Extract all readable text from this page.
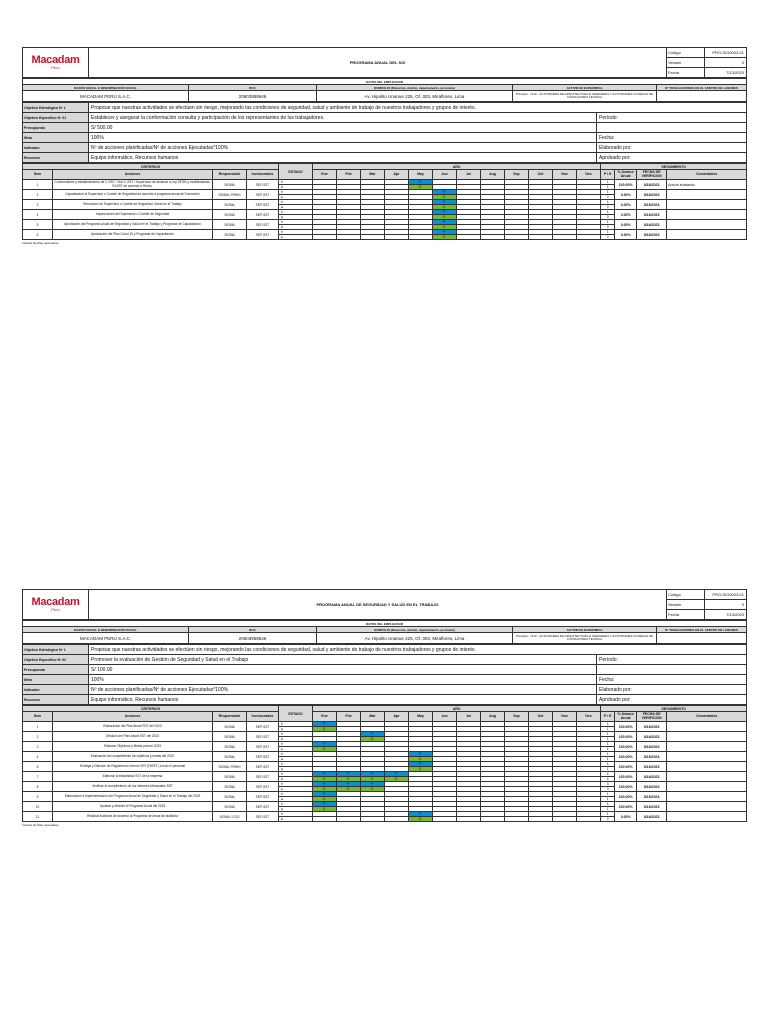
Macadam
Perú	PROGRAMA ANUAL DEL SGI	Código	PRO-SIG0002-01
		Versión	0
		Fecha	7/13/2023
DATOS DEL EMPLEADOR				
RAZÓN SOCIAL O DENOMINACIÓN SOCIAL	RUC	DOMICILIO (Dirección, distrito, departamento, provincia)	ACTIVIDAD ECONÓMICA	Nº TRABAJADORES EN EL CENTRO DE LABORES
MACADAM PERÚ S.A.C.	20603958646	Av. Hipolito Unanue 225, Of. 303, Miraflores, Lima	Principal - 7110 - ACTIVIDADES DE ARQUITECTURA E INGENIERIA Y ACTIVIDADES CONEXAS DE CONSULTORIA TECNICA	
Objetivo Estratégico Nº 1	Propiciar que nuestras actividades se efectúen sin riesgo, mejorando las condiciones de seguridad, salud y ambiente de trabajo de nuestros trabajadores y grupos de interés.	
Objetivo Específico Nº 01	Establecer y asegurar la conformación consulta y participación de los representantes de los trabajadores.	Período:
Presupuesto	S/ 500.00	
Meta	100%	Fecha:
Indicador	Nº de acciones planificadas/Nº de acciones Ejecutadas*100%	Elaborado por:
Recursos	Equipo informático, Recursos humanos	Aprobado por:
CRITERIOS				ESTADO	AÑO												SEGUIMIENTO			
Ítem	Acciones	Responsable	Involucrados		Ene	Feb	Mar	Apr	May	Jun	Jul	Aug	Sep	Oct	Nov	Dec	P / E	% Avance Anual	FECHA DE VERIFICION	Comentarios
1	Conformación y establecimiento de C-SST / Sub C-SST / Supervisor de acuerdo a Ley 29783 y modificatorias. RLSST de acuerdo a Rubro.	SIGMA	SEP-SST	P					P								1	100.00%	8/16/2023	Acta de instalación
				E					E								1			
2	Capacitación al Supervisor o Comité de Seguridad de acuerdo a programa anual de Formación	SIGMA / RRHH	SEP-SST	P						P							1	0.00%	8/16/2023	
				E						E							0			
3	Reuniones de Supervisor o Comité de Seguridad, Salud en el Trabajo	SIGMA	SEP-SST	P						P							1	0.00%	8/16/2023	
				E						E							0			
4	Inspecciones del Supervisor o Comité de Seguridad	SIGMA	SEP-SST	P						P							1	0.00%	8/16/2023	
				E						E							0			
5	Aprobación del Programa Anual de Seguridad y Salud en el Trabajo y Programa de Capacitacion	SIGMA	SEP-SST	P						P							1	0.00%	8/16/2023	
				E						E							0			
6	Aprobación del Plan Covid 19 y Programa de Capacitación	SIGMA	SEP-SST	P						P							1	0.00%	8/16/2023	
				E						E							0			
Insertar las filas necesarias
Macadam
Perú	PROGRAMA ANUAL DE SEGURIDAD Y SALUD EN EL TRABAJO	Código	PRO-SIG0003-01
		Versión	0
		Fecha	7/13/2023
DATOS DEL EMPLEADOR				
RAZÓN SOCIAL O DENOMINACIÓN SOCIAL	RUC	DOMICILIO (Dirección, distrito, departamento, provincia)	ACTIVIDAD ECONÓMICA	Nº TRABAJADORES EN EL CENTRO DE LABORES
MACADAM PERÚ S.A.C.	20603958646	Av. Hipolito Unanue 225, Of. 303, Miraflores, Lima	Principal - 7110 - ACTIVIDADES DE ARQUITECTURA E INGENIERIA Y ACTIVIDADES CONEXAS DE CONSULTORIA TECNICA	
Objetivo Estratégico Nº 1	Propiciar que nuestras actividades se efectúen sin riesgo, mejorando las condiciones de seguridad, salud y ambiente de trabajo de nuestros trabajadores y grupos de interés.	
Objetivo Específico Nº 02	Promover la evaluación de Gestión de Seguridad y Salud en el Trabajo	Período:
Presupuesto	S/ 100.00	
Meta	100%	Fecha:
Indicador	Nº de acciones planificadas/Nº de acciones Ejecutadas*100%	Elaborado por:
Recursos	Equipo informático, Recursos humanos	Aprobado por:
CRITERIOS				ESTADO	AÑO												SEGUIMIENTO			
Ítem	Acciones	Responsable	Involucrados		Ene	Feb	Mar	Apr	May	Jun	Jul	Aug	Sep	Oct	Nov	Dec	P / E	% Avance Anual	FECHA DE VERIFICION	Comentarios
1	Elaboración del Plan Anual SST del 2023	SIGMA	SEP-SST	P	P												1	100.00%	8/16/2023	
				E	E												1			
2	Difusión del Plan Anual SST del 2023	SIGMA	SEP-SST	P			P										1	100.00%	8/16/2023	
				E			E										1			
3	Elaborar Objetivos y Metas para el 2023	SIGMA	SEP-SST	P	P												1	100.00%	8/16/2023	
				E	E												1			
4	Evaluación del cumplimiento de objetivos y metas del 2022	SIGMA	SEP-SST	P					P								1	100.00%	8/16/2023	
				E					E								1			
6	Entrega y Difusión de Reglamento Interno SST (RISST) a todo el personal	SIGMA / RRHH	SEP-SST	P					P								1	100.00%	8/16/2023	
				E					E								1			
7	Elaborar la estadística SST de la empresa	SIGMA	SEP-SST	P	P	P	P	P									4	100.00%	8/16/2023	
				E	E	E	E	E									4			
8	Verificar el cumplimiento de los Informes Mensuales SST	SIGMA	SEP-SST	P	P	P	P										3	100.00%	8/16/2023	
				E	E	E	E										3			
9	Elaboración e Implementación del Programa Anual de Seguridad y Salud en el Trabajo del 2023	SIGMA	SEP-SST	P	P												1	100.00%	8/16/2023	
				E	E												1			
10	Aprobar y difundir el Programa Anual del 2023	SIGMA	SEP-SST	P	P												1	100.00%	8/16/2023	
				E	E												1			
11	Realizar Auditoria de acuerdo al Programa de anual de auditoria	SIGMA / COO	SEP-SST	P					P								1	0.00%	8/16/2023	
				E					E								0			
Insertar las filas necesarias
